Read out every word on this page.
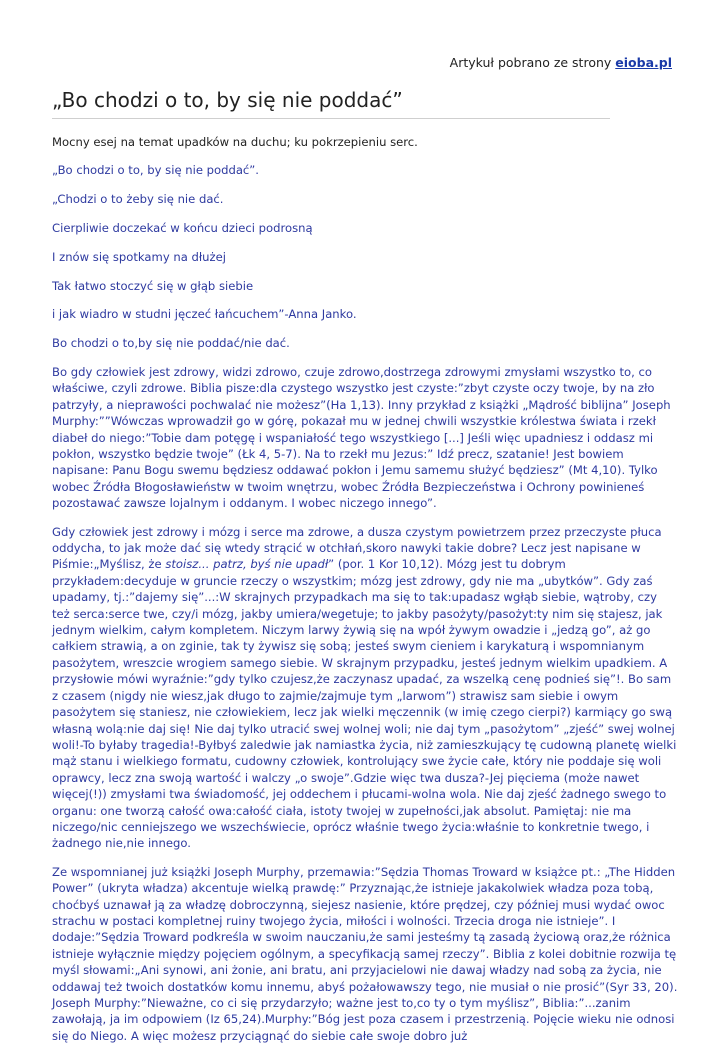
Artykuł pobrano ze strony eioba.pl
„Bo chodzi o to, by się nie poddać”

Mocny esej na temat upadków na duchu; ku pokrzepieniu serc.

„Bo chodzi o to, by się nie poddać”.

„Chodzi o to żeby się nie dać.

Cierpliwie doczekać w końcu dzieci podrosną

I znów się spotkamy na dłużej

Tak łatwo stoczyć się w głąb siebie

i jak wiadro w studni jęczeć łańcuchem”-Anna Janko.

Bo chodzi o to,by się nie poddać/nie dać.

Bo gdy człowiek jest zdrowy, widzi zdrowo, czuje zdrowo,dostrzega zdrowymi zmysłami wszystko to, co właściwe, czyli zdrowe. Biblia pisze:dla czystego wszystko jest czyste:”zbyt czyste oczy twoje, by na zło patrzyły, a nieprawości pochwalać nie możesz”(Ha 1,13). Inny przykład z książki „Mądrość biblijna” Joseph Murphy:””Wówczas wprowadził go w górę, pokazał mu w jednej chwili wszystkie królestwa świata i rzekł diabeł do niego:”Tobie dam potęgę i wspaniałość tego wszystkiego [...] Jeśli więc upadniesz i oddasz mi pokłon, wszystko będzie twoje” (Łk 4, 5-7). Na to rzekł mu Jezus:” Idź precz, szatanie! Jest bowiem napisane: Panu Bogu swemu będziesz oddawać pokłon i Jemu samemu służyć będziesz” (Mt 4,10). Tylko wobec Źródła Błogosławieństw w twoim wnętrzu, wobec Źródła Bezpieczeństwa i Ochrony powinieneś pozostawać zawsze lojalnym i oddanym. I wobec niczego innego”.

Gdy człowiek jest zdrowy i mózg i serce ma zdrowe, a dusza czystym powietrzem przez przeczyste płuca oddycha, to jak może dać się wtedy strącić w otchłań,skoro nawyki takie dobre? Lecz jest napisane w Piśmie:„Myślisz, że stoisz... patrz, byś nie upadł” (por. 1 Kor 10,12). Mózg jest tu dobrym przykładem:decyduje w gruncie rzeczy o wszystkim; mózg jest zdrowy, gdy nie ma „ubytków”. Gdy zaś upadamy, tj.:”dajemy się”...:W skrajnych przypadkach ma się to tak:upadasz wgłąb siebie, wątroby, czy też serca:serce twe, czy/i mózg, jakby umiera/wegetuje; to jakby pasożyty/pasożyt:ty nim się stajesz, jak jednym wielkim, całym kompletem. Niczym larwy żywią się na wpół żywym owadzie i „jedzą go”, aż go całkiem strawią, a on zginie, tak ty żywisz się sobą; jesteś swym cieniem i karykaturą i wspomnianym pasożytem, wreszcie wrogiem samego siebie. W skrajnym przypadku, jesteś jednym wielkim upadkiem. A przysłowie mówi wyraźnie:”gdy tylko czujesz,że zaczynasz upadać, za wszelką cenę podnieś się”!. Bo sam z czasem (nigdy nie wiesz,jak długo to zajmie/zajmuje tym „larwom”) strawisz sam siebie i owym pasożytem się staniesz, nie człowiekiem, lecz jak wielki męczennik (w imię czego cierpi?) karmiący go swą własną wolą:nie daj się! Nie daj tylko utracić swej wolnej woli; nie daj tym „pasożytom” „zjeść” swej wolnej woli!-To byłaby tragedia!-Byłbyś zaledwie jak namiastka życia, niż zamieszkujący tę cudowną planetę wielki mąż stanu i wielkiego formatu, cudowny człowiek, kontrolujący swe życie całe, który nie poddaje się woli oprawcy, lecz zna swoją wartość i walczy „o swoje”.Gdzie więc twa dusza?-Jej pięciema (może nawet więcej(!)) zmysłami twa świadomość, jej oddechem i płucami-wolna wola. Nie daj zjeść żadnego swego to organu: one tworzą całość owa:całość ciała, istoty twojej w zupełności,jak absolut. Pamiętaj: nie ma niczego/nic cenniejszego we wszechświecie, oprócz właśnie twego życia:właśnie to konkretnie twego, i żadnego nie,nie innego.

Ze wspomnianej już książki Joseph Murphy, przemawia:”Sędzia Thomas Troward w książce pt.: „The Hidden Power” (ukryta władza) akcentuje wielką prawdę:” Przyznając,że istnieje jakakolwiek władza poza tobą, choćbyś uznawał ją za władzę dobroczynną, siejesz nasienie, które prędzej, czy później musi wydać owoc strachu w postaci kompletnej ruiny twojego życia, miłości i wolności. Trzecia droga nie istnieje”. I dodaje:”Sędzia Troward podkreśla w swoim nauczaniu,że sami jesteśmy tą zasadą życiową oraz,że różnica istnieje wyłącznie między pojęciem ogólnym, a specyfikacją samej rzeczy”. Biblia z kolei dobitnie rozwija tę myśl słowami:„Ani synowi, ani żonie, ani bratu, ani przyjacielowi nie dawaj władzy nad sobą za życia, nie oddawaj też twoich dostatków komu innemu, abyś pożałowawszy tego, nie musiał o nie prosić”(Syr 33, 20). Joseph Murphy:”Nieważne, co ci się przydarzyło; ważne jest to,co ty o tym myślisz”, Biblia:”...zanim zawołają, ja im odpowiem (Iz 65,24).Murphy:”Bóg jest poza czasem i przestrzenią. Pojęcie wieku nie odnosi się do Niego. A więc możesz przyciągnąć do siebie całe swoje dobro już
